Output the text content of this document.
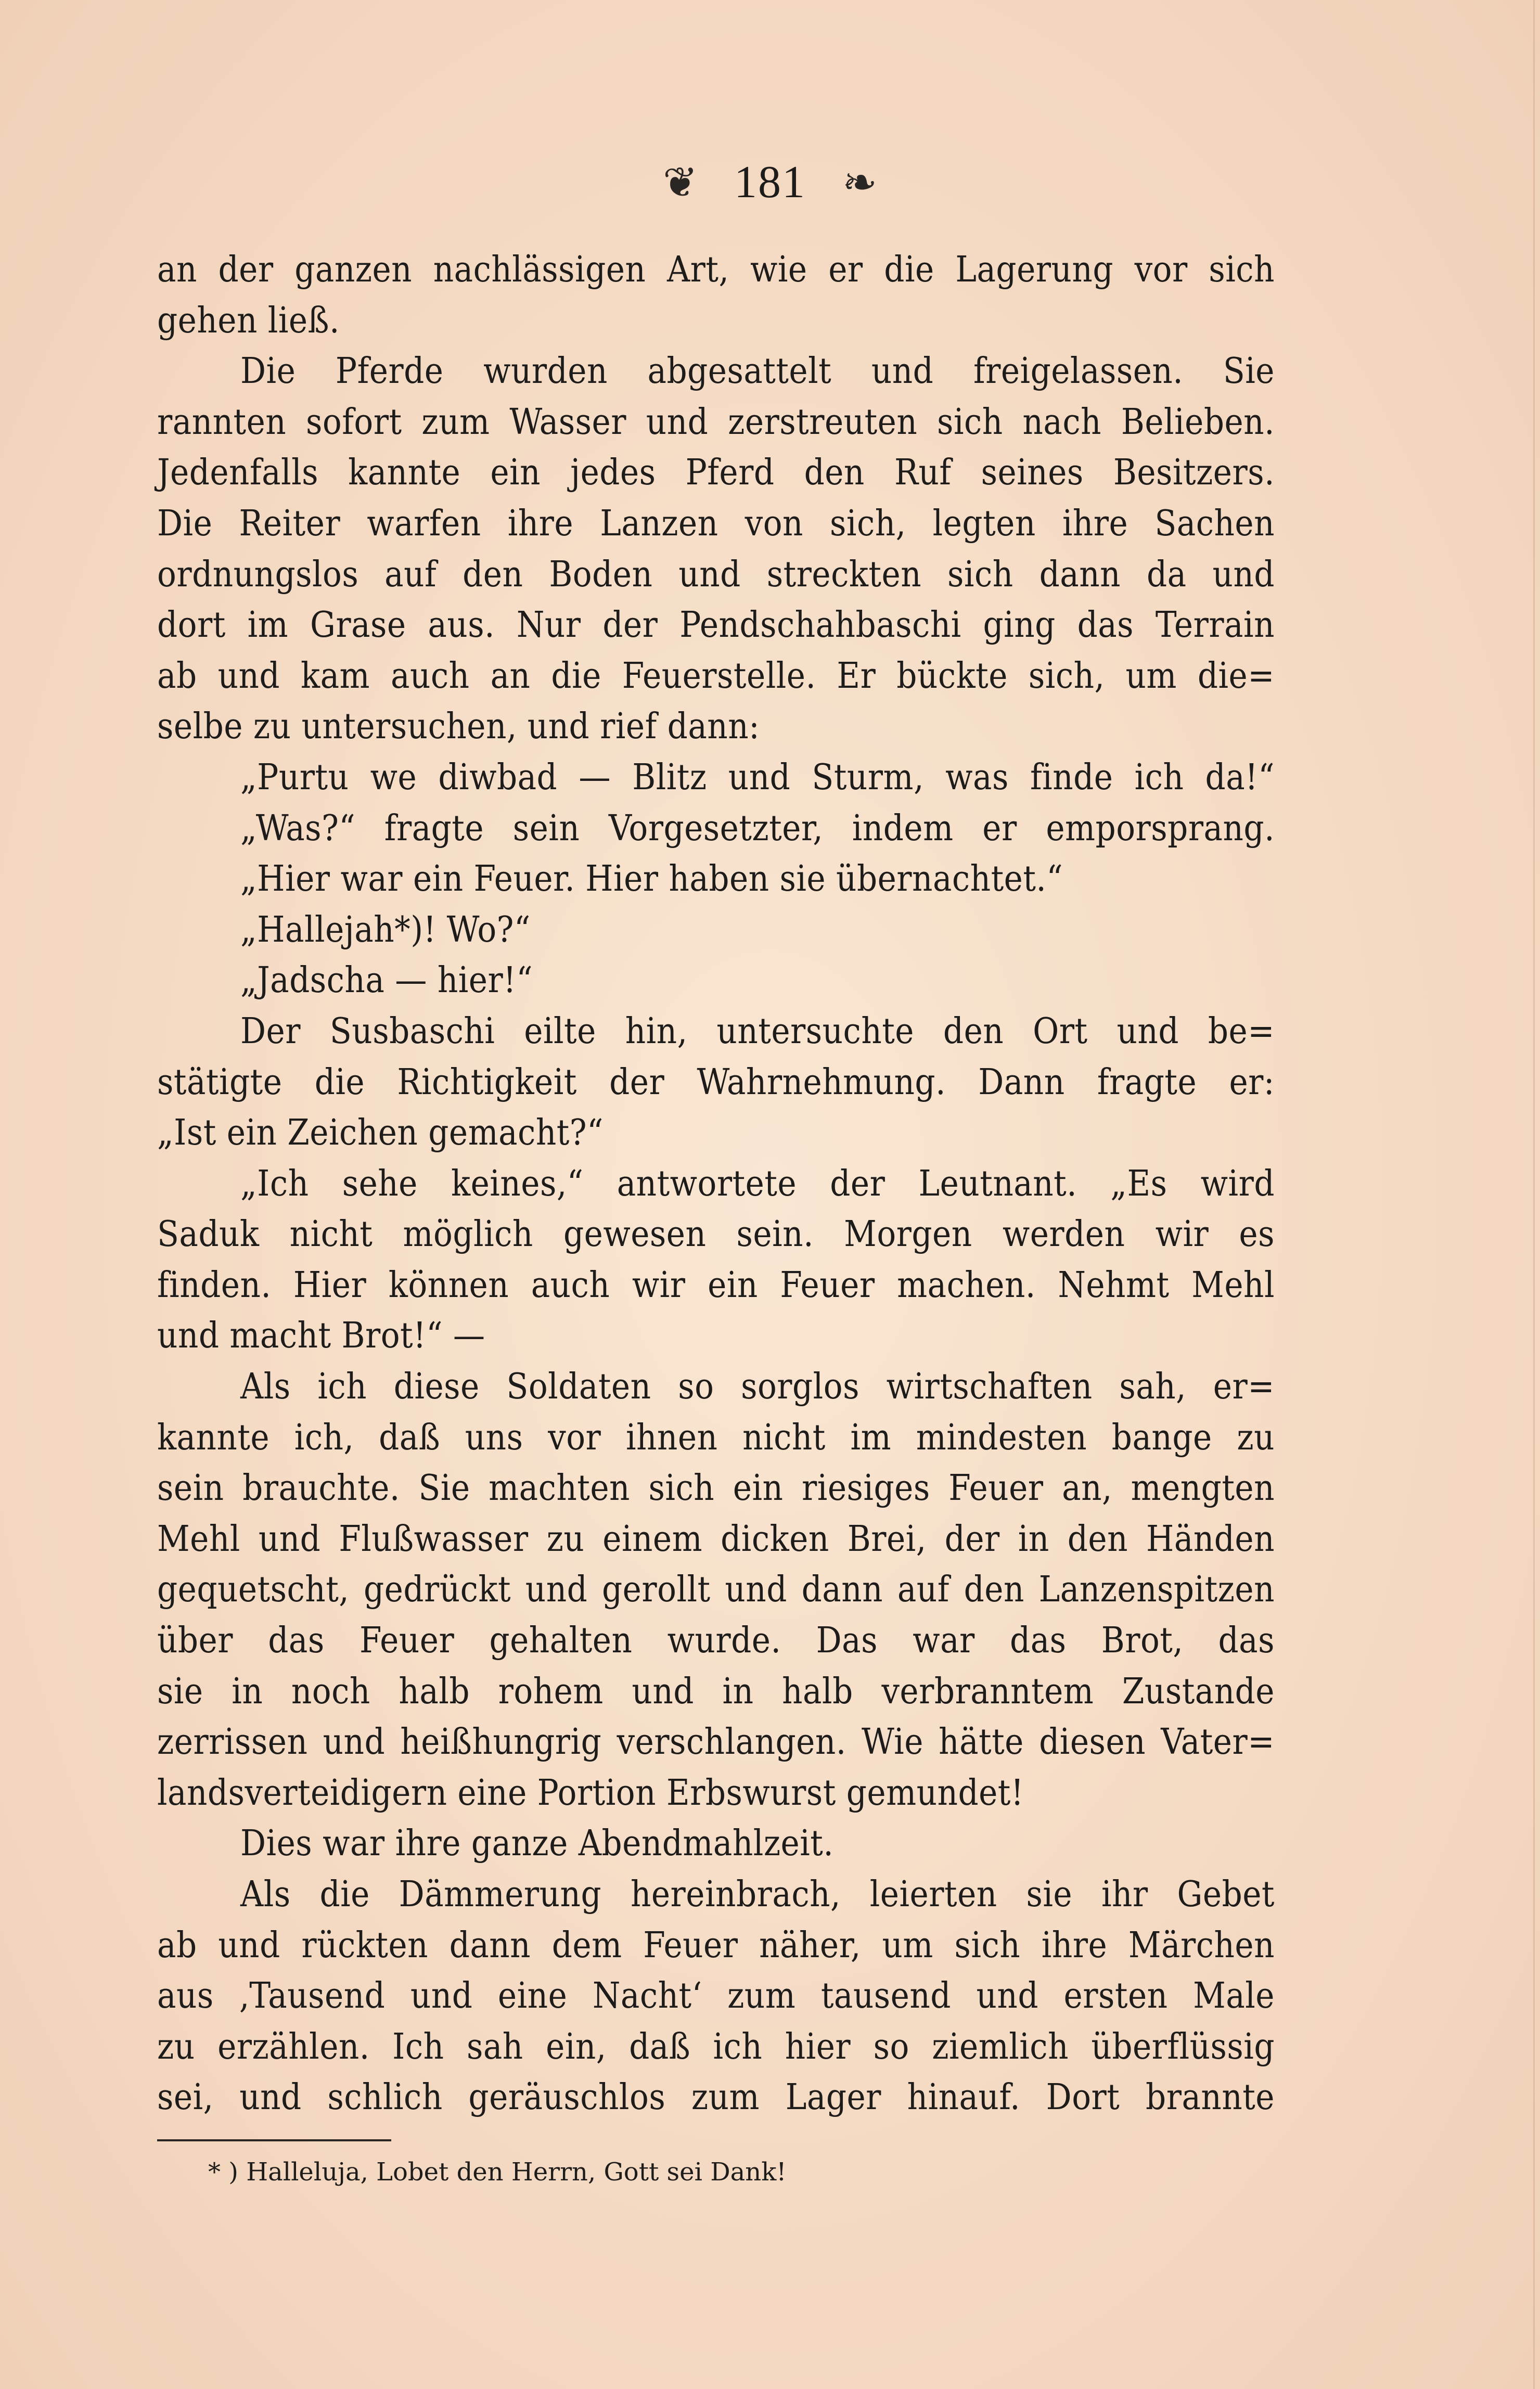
❦ 181 ❧
an der ganzen nachlässigen Art, wie er die Lagerung vor sich
gehen ließ.
Die Pferde wurden abgesattelt und freigelassen. Sie
rannten sofort zum Wasser und zerstreuten sich nach Belieben.
Jedenfalls kannte ein jedes Pferd den Ruf seines Besitzers.
Die Reiter warfen ihre Lanzen von sich, legten ihre Sachen
ordnungslos auf den Boden und streckten sich dann da und
dort im Grase aus. Nur der Pendschahbaschi ging das Terrain
ab und kam auch an die Feuerstelle. Er bückte sich, um die=
selbe zu untersuchen, und rief dann:
„Purtu we diwbad — Blitz und Sturm, was finde ich da!“
„Was?“ fragte sein Vorgesetzter, indem er emporsprang.
„Hier war ein Feuer. Hier haben sie übernachtet.“
„Hallejah*)! Wo?“
„Jadscha — hier!“
Der Susbaschi eilte hin, untersuchte den Ort und be=
stätigte die Richtigkeit der Wahrnehmung. Dann fragte er:
„Ist ein Zeichen gemacht?“
„Ich sehe keines,“ antwortete der Leutnant. „Es wird
Saduk nicht möglich gewesen sein. Morgen werden wir es
finden. Hier können auch wir ein Feuer machen. Nehmt Mehl
und macht Brot!“ —
Als ich diese Soldaten so sorglos wirtschaften sah, er=
kannte ich, daß uns vor ihnen nicht im mindesten bange zu
sein brauchte. Sie machten sich ein riesiges Feuer an, mengten
Mehl und Flußwasser zu einem dicken Brei, der in den Händen
gequetscht, gedrückt und gerollt und dann auf den Lanzenspitzen
über das Feuer gehalten wurde. Das war das Brot, das
sie in noch halb rohem und in halb verbranntem Zustande
zerrissen und heißhungrig verschlangen. Wie hätte diesen Vater=
landsverteidigern eine Portion Erbswurst gemundet!
Dies war ihre ganze Abendmahlzeit.
Als die Dämmerung hereinbrach, leierten sie ihr Gebet
ab und rückten dann dem Feuer näher, um sich ihre Märchen
aus ‚Tausend und eine Nacht‘ zum tausend und ersten Male
zu erzählen. Ich sah ein, daß ich hier so ziemlich überflüssig
sei, und schlich geräuschlos zum Lager hinauf. Dort brannte
* ) Halleluja, Lobet den Herrn, Gott sei Dank!
